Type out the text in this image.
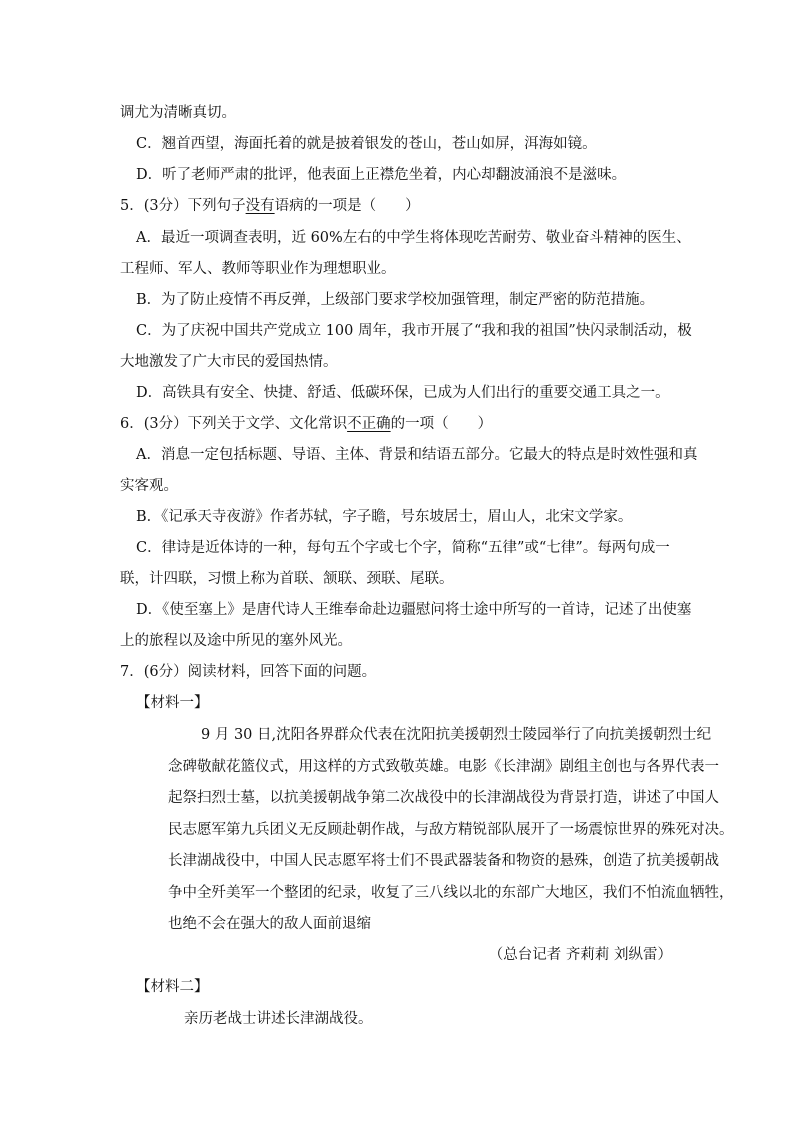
调尤为清晰真切。
C．翘首西望，海面托着的就是披着银发的苍山，苍山如屏，洱海如镜。
D．听了老师严肃的批评，他表面上正襟危坐着，内心却翻波涌浪不是滋味。
5．(3分）下列句子没有语病的一项是（　　）
A．最近一项调查表明，近 60%左右的中学生将体现吃苦耐劳、敬业奋斗精神的医生、
工程师、军人、教师等职业作为理想职业。
B．为了防止疫情不再反弹，上级部门要求学校加强管理，制定严密的防范措施。
C．为了庆祝中国共产党成立 100 周年，我市开展了“我和我的祖国”快闪录制活动，极
大地激发了广大市民的爱国热情。
D．高铁具有安全、快捷、舒适、低碳环保，已成为人们出行的重要交通工具之一。
6．(3分）下列关于文学、文化常识不正确的一项（　　）
A．消息一定包括标题、导语、主体、背景和结语五部分。它最大的特点是时效性强和真
实客观。
B．《记承天寺夜游》作者苏轼，字子瞻，号东坡居士，眉山人，北宋文学家。
C．律诗是近体诗的一种，每句五个字或七个字，简称“五律”或“七律”。每两句成一
联，计四联，习惯上称为首联、颔联、颈联、尾联。
D．《使至塞上》是唐代诗人王维奉命赴边疆慰问将士途中所写的一首诗，记述了出使塞
上的旅程以及途中所见的塞外风光。
7．(6分）阅读材料，回答下面的问题。
【材料一】
9 月 30 日,沈阳各界群众代表在沈阳抗美援朝烈士陵园举行了向抗美援朝烈士纪
念碑敬献花篮仪式，用这样的方式致敬英雄。电影《长津湖》剧组主创也与各界代表一
起祭扫烈士墓，以抗美援朝战争第二次战役中的长津湖战役为背景打造，讲述了中国人
民志愿军第九兵团义无反顾赴朝作战，与敌方精锐部队展开了一场震惊世界的殊死对决。
长津湖战役中，中国人民志愿军将士们不畏武器装备和物资的悬殊，创造了抗美援朝战
争中全歼美军一个整团的纪录，收复了三八线以北的东部广大地区，我们不怕流血牺牲，
也绝不会在强大的敌人面前退缩
（总台记者 齐莉莉 刘纵雷）
【材料二】
亲历老战士讲述长津湖战役。
